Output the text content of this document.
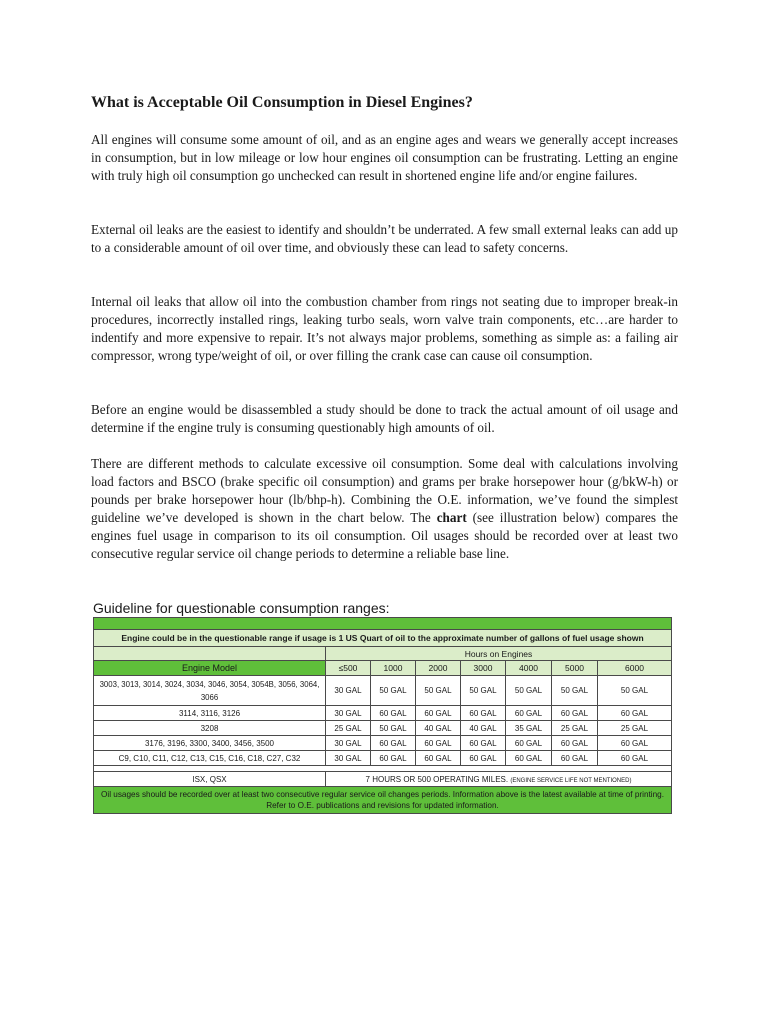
What is Acceptable Oil Consumption in Diesel Engines?

All engines will consume some amount of oil, and as an engine ages and wears we generally accept increases in consumption, but in low mileage or low hour engines oil consumption can be frustrating. Letting an engine with truly high oil consumption go unchecked can result in shortened engine life and/or engine failures.

External oil leaks are the easiest to identify and shouldn’t be underrated. A few small external leaks can add up to a considerable amount of oil over time, and obviously these can lead to safety concerns.

Internal oil leaks that allow oil into the combustion chamber from rings not seating due to improper break-in procedures, incorrectly installed rings, leaking turbo seals, worn valve train components, etc…are harder to indentify and more expensive to repair. It’s not always major problems, something as simple as: a failing air compressor, wrong type/weight of oil, or over filling the crank case can cause oil consumption.

Before an engine would be disassembled a study should be done to track the actual amount of oil usage and determine if the engine truly is consuming questionably high amounts of oil.

There are different methods to calculate excessive oil consumption. Some deal with calculations involving load factors and BSCO (brake specific oil consumption) and grams per brake horsepower hour (g/bkW-h) or pounds per brake horsepower hour (lb/bhp-h). Combining the O.E. information, we’ve found the simplest guideline we’ve developed is shown in the chart below. The chart (see illustration below) compares the engines fuel usage in comparison to its oil consumption. Oil usages should be recorded over at least two consecutive regular service oil change periods to determine a reliable base line.

Guideline for questionable consumption ranges:

Engine could be in the questionable range if usage is 1 US Quart of oil to the approximate number of gallons of fuel usage shown							
	Hours on Engines						
Engine Model	≤500	1000	2000	3000	4000	5000	6000
3003, 3013, 3014, 3024, 3034, 3046, 3054, 3054B, 3056, 3064, 3066	30 GAL	50 GAL	50 GAL	50 GAL	50 GAL	50 GAL	50 GAL
3114, 3116, 3126	30 GAL	60 GAL	60 GAL	60 GAL	60 GAL	60 GAL	60 GAL
3208	25 GAL	50 GAL	40 GAL	40 GAL	35 GAL	25 GAL	25 GAL
3176, 3196, 3300, 3400, 3456, 3500	30 GAL	60 GAL	60 GAL	60 GAL	60 GAL	60 GAL	60 GAL
C9, C10, C11, C12, C13, C15, C16, C18, C27, C32	30 GAL	60 GAL	60 GAL	60 GAL	60 GAL	60 GAL	60 GAL

ISX, QSX	7 HOURS OR 500 OPERATING MILES. (ENGINE SERVICE LIFE NOT MENTIONED)						
Oil usages should be recorded over at least two consecutive regular service oil changes periods. Information above is the latest available at time of printing. Refer to O.E. publications and revisions for updated information.							
